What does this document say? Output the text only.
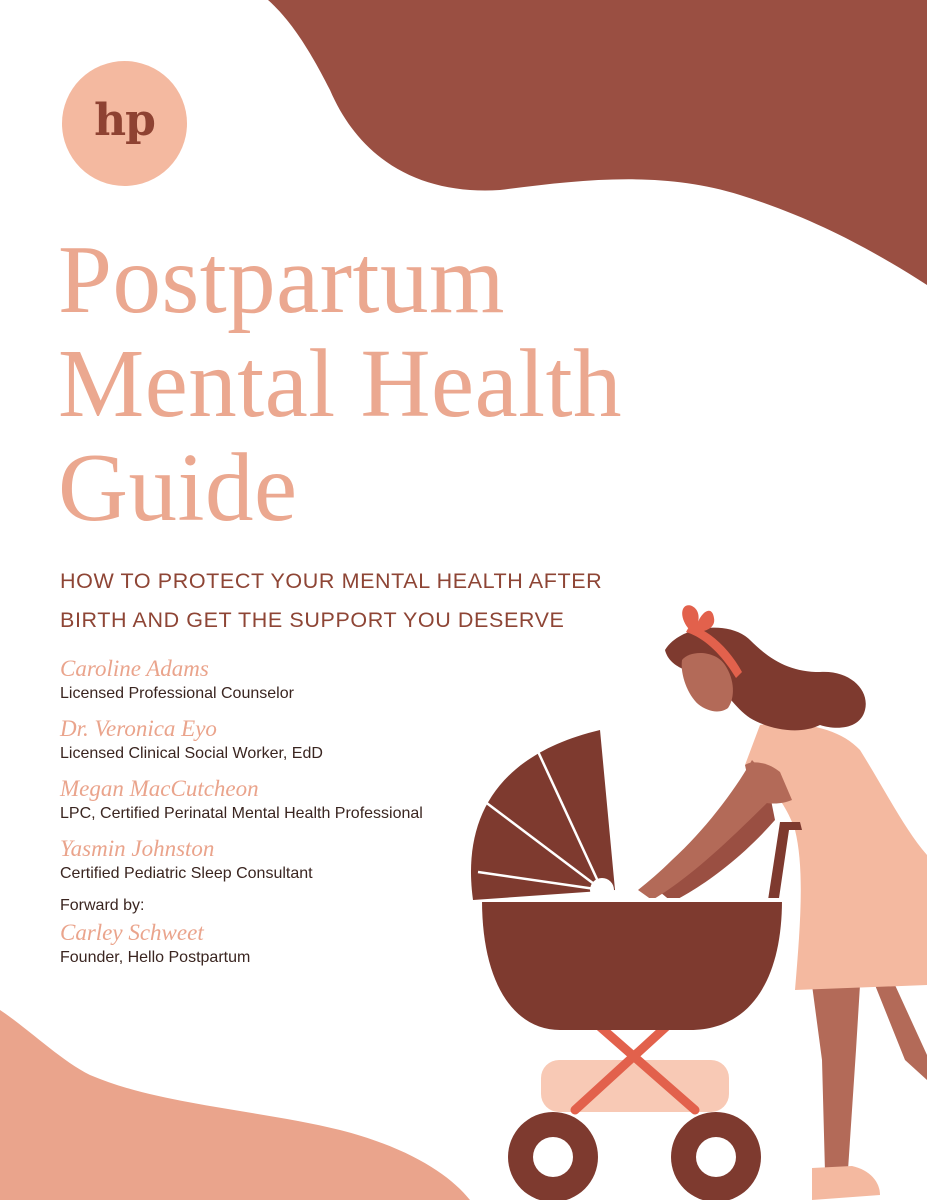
hp
Postpartum
Mental Health
Guide
HOW TO PROTECT YOUR MENTAL HEALTH AFTER
BIRTH AND GET THE SUPPORT YOU DESERVE
Caroline Adams
Licensed Professional Counselor
Dr. Veronica Eyo
Licensed Clinical Social Worker, EdD
Megan MacCutcheon
LPC, Certified Perinatal Mental Health Professional
Yasmin Johnston
Certified Pediatric Sleep Consultant
Forward by:
Carley Schweet
Founder, Hello Postpartum
